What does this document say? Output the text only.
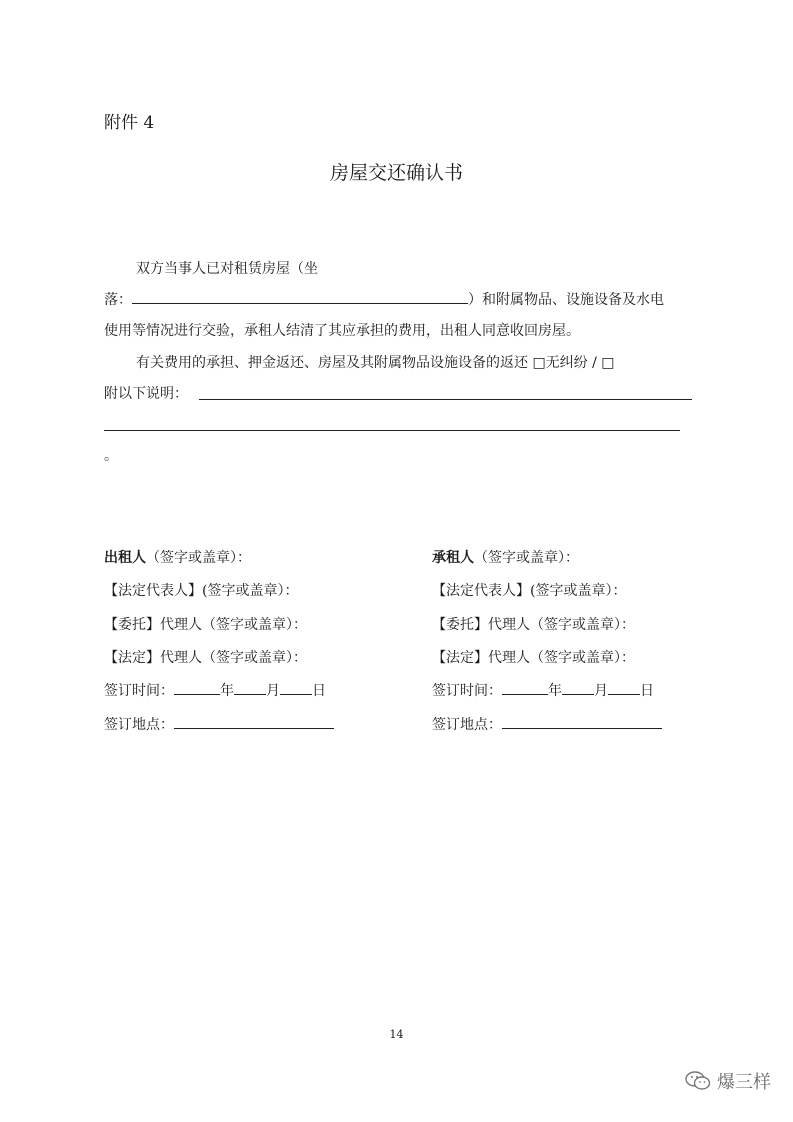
附件 4
房屋交还确认书
双方当事人已对租赁房屋（坐
落：	）和附属物品、设施设备及水电
使用等情况进行交验，承租人结清了其应承担的费用，出租人同意收回房屋。
有关费用的承担、押金返还、房屋及其附属物品设施设备的返还 □无纠纷 / □
附以下说明：
。
出租人（签字或盖章）：
【法定代表人】(签字或盖章）：
【委托】代理人（签字或盖章）：
【法定】代理人（签字或盖章）：
签订时间：	年 月 日
签订地点：
承租人（签字或盖章）：
【法定代表人】(签字或盖章）：
【委托】代理人（签字或盖章）：
【法定】代理人（签字或盖章）：
签订时间：	年 月 日
签订地点：
14
爆三样
